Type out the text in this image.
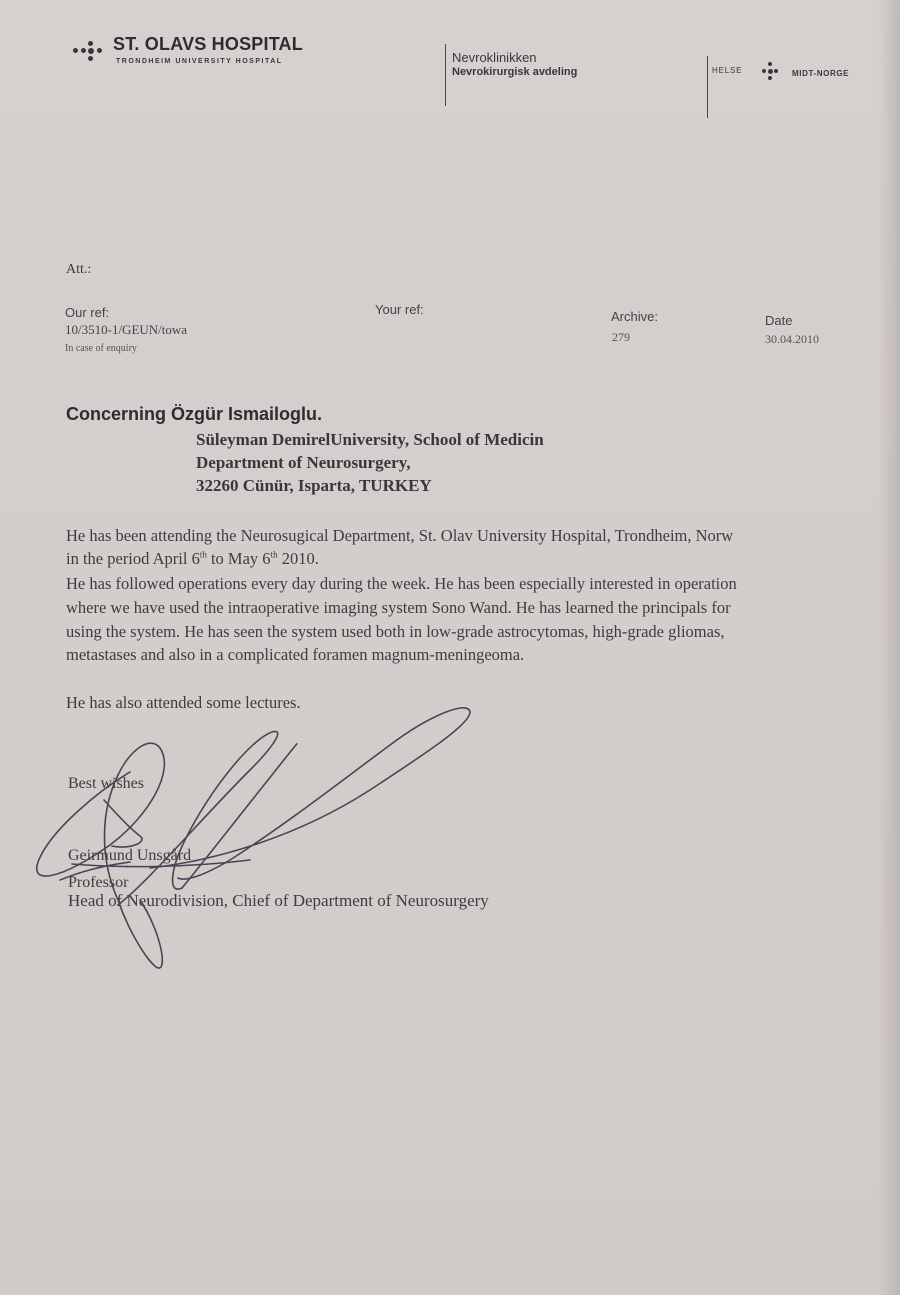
ST. OLAVS HOSPITAL
TRONDHEIM UNIVERSITY HOSPITAL	Nevroklinikken
Nevrokirurgisk avdeling	HELSE	MIDT-NORGE
Att.:
Our ref:
10/3510-1/GEUN/towa
In case of enquiry
Your ref:	Archive:
279
Date
30.04.2010
Concerning Özgür Ismailoglu.
Süleyman DemirelUniversity, School of Medicin
Department of Neurosurgery,
32260 Cünür, Isparta, TURKEY
He has been attending the Neurosugical Department, St. Olav University Hospital, Trondheim, Norw
in the period April 6th to May 6th 2010.
He has followed operations every day during the week. He has been especially interested in operation
where we have used the intraoperative imaging system Sono Wand. He has learned the principals for
using the system. He has seen the system used both in low-grade astrocytomas, high-grade gliomas,
metastases and also in a complicated foramen magnum-meningeoma.
He has also attended some lectures.
Best wishes
Geirmund Unsgård
Professor
Head of Neurodivision, Chief of Department of Neurosurgery
